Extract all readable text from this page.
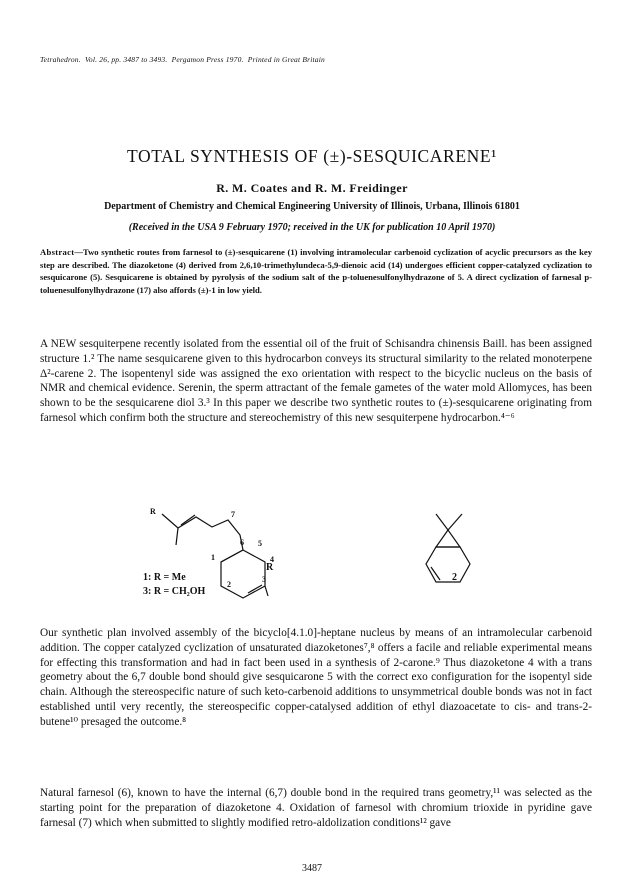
Tetrahedron. Vol. 26, pp. 3487 to 3493. Pergamon Press 1970. Printed in Great Britain
TOTAL SYNTHESIS OF (±)-SESQUICARENE¹
R. M. Coates and R. M. Freidinger
Department of Chemistry and Chemical Engineering University of Illinois, Urbana, Illinois 61801
(Received in the USA 9 February 1970; received in the UK for publication 10 April 1970)
Abstract—Two synthetic routes from farnesol to (±)-sesquicarene (1) involving intramolecular carbenoid cyclization of acyclic precursors as the key step are described. The diazoketone (4) derived from 2,6,10-trimethylundeca-5,9-dienoic acid (14) undergoes efficient copper-catalyzed cyclization to sesquicarone (5). Sesquicarene is obtained by pyrolysis of the sodium salt of the p-toluenesulfonylhydrazone of 5. A direct cyclization of farnesal p-toluenesulfonylhydrazone (17) also affords (±)-1 in low yield.
A NEW sesquiterpene recently isolated from the essential oil of the fruit of Schisandra chinensis Baill. has been assigned structure 1.² The name sesquicarene given to this hydrocarbon conveys its structural similarity to the related monoterpene Δ²-carene 2. The isopentenyl side was assigned the exo orientation with respect to the bicyclic nucleus on the basis of NMR and chemical evidence. Serenin, the sperm attractant of the female gametes of the water mold Allomyces, has been shown to be the sesquicarene diol 3.³ In this paper we describe two synthetic routes to (±)-sesquicarene originating from farnesol which confirm both the structure and stereochemistry of this new sesquiterpene hydrocarbon.⁴⁻⁶
R	7
6 5
1	4
3
2
R
1: R = Me
3: R = CH₂OH
2
Our synthetic plan involved assembly of the bicyclo[4.1.0]-heptane nucleus by means of an intramolecular carbenoid addition. The copper catalyzed cyclization of unsaturated diazoketones⁷,⁸ offers a facile and reliable experimental means for effecting this transformation and had in fact been used in a synthesis of 2-carone.⁹ Thus diazoketone 4 with a trans geometry about the 6,7 double bond should give sesquicarone 5 with the correct exo configuration for the isopentyl side chain. Although the stereospecific nature of such keto-carbenoid additions to unsymmetrical double bonds was not in fact established until very recently, the stereospecific copper-catalysed addition of ethyl diazoacetate to cis- and trans-2-butene¹⁰ presaged the outcome.⁸
Natural farnesol (6), known to have the internal (6,7) double bond in the required trans geometry,¹¹ was selected as the starting point for the preparation of diazoketone 4. Oxidation of farnesol with chromium trioxide in pyridine gave farnesal (7) which when submitted to slightly modified retro-aldolization conditions¹² gave
3487
